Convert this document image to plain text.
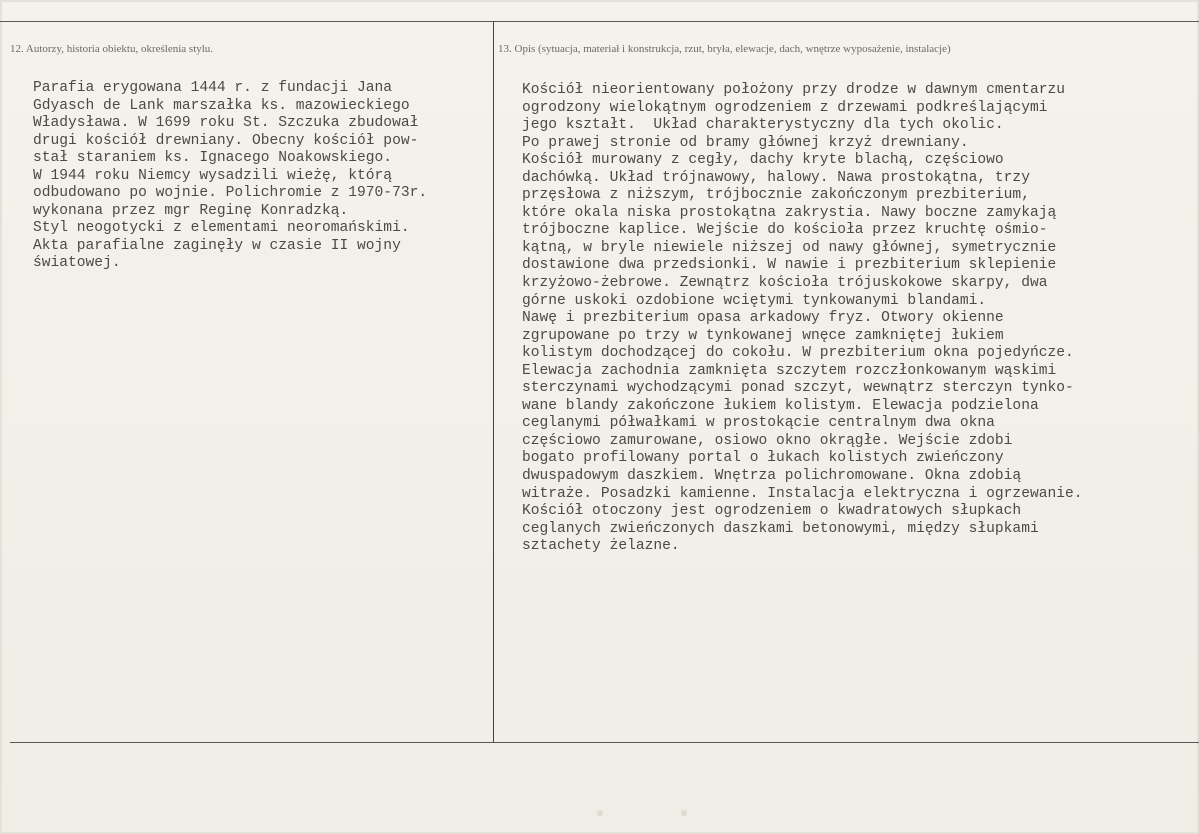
12. Autorzy, historia obiektu, określenia stylu.	13. Opis (sytuacja, materiał i konstrukcja, rzut, bryła, elewacje, dach, wnętrze wyposażenie, instalacje)
Parafia erygowana 1444 r. z fundacji Jana
Gdyasch de Lank marszałka ks. mazowieckiego
Władysława. W 1699 roku St. Szczuka zbudował
drugi kościół drewniany. Obecny kościół pow-
stał staraniem ks. Ignacego Noakowskiego.
W 1944 roku Niemcy wysadzili wieżę, którą
odbudowano po wojnie. Polichromie z 1970-73r.
wykonana przez mgr Reginę Konradzką.
Styl neogotycki z elementami neoromańskimi.
Akta parafialne zaginęły w czasie II wojny
światowej.
Kościół nieorientowany położony przy drodze w dawnym cmentarzu
ogrodzony wielokątnym ogrodzeniem z drzewami podkreślającymi
jego kształt.  Układ charakterystyczny dla tych okolic.
Po prawej stronie od bramy głównej krzyż drewniany.
Kościół murowany z cegły, dachy kryte blachą, częściowo
dachówką. Układ trójnawowy, halowy. Nawa prostokątna, trzy
przęsłowa z niższym, trójbocznie zakończonym prezbiterium,
które okala niska prostokątna zakrystia. Nawy boczne zamykają
trójboczne kaplice. Wejście do kościoła przez kruchtę ośmio-
kątną, w bryle niewiele niższej od nawy głównej, symetrycznie
dostawione dwa przedsionki. W nawie i prezbiterium sklepienie
krzyżowo-żebrowe. Zewnątrz kościoła trójuskokowe skarpy, dwa
górne uskoki ozdobione wciętymi tynkowanymi blandami.
Nawę i prezbiterium opasa arkadowy fryz. Otwory okienne
zgrupowane po trzy w tynkowanej wnęce zamkniętej łukiem
kolistym dochodzącej do cokołu. W prezbiterium okna pojedyńcze.
Elewacja zachodnia zamknięta szczytem rozczłonkowanym wąskimi
sterczynami wychodzącymi ponad szczyt, wewnątrz sterczyn tynko-
wane blandy zakończone łukiem kolistym. Elewacja podzielona
ceglanymi półwałkami w prostokącie centralnym dwa okna
częściowo zamurowane, osiowo okno okrągłe. Wejście zdobi
bogato profilowany portal o łukach kolistych zwieńczony
dwuspadowym daszkiem. Wnętrza polichromowane. Okna zdobią
witraże. Posadzki kamienne. Instalacja elektryczna i ogrzewanie.
Kościół otoczony jest ogrodzeniem o kwadratowych słupkach
ceglanych zwieńczonych daszkami betonowymi, między słupkami
sztachety żelazne.
